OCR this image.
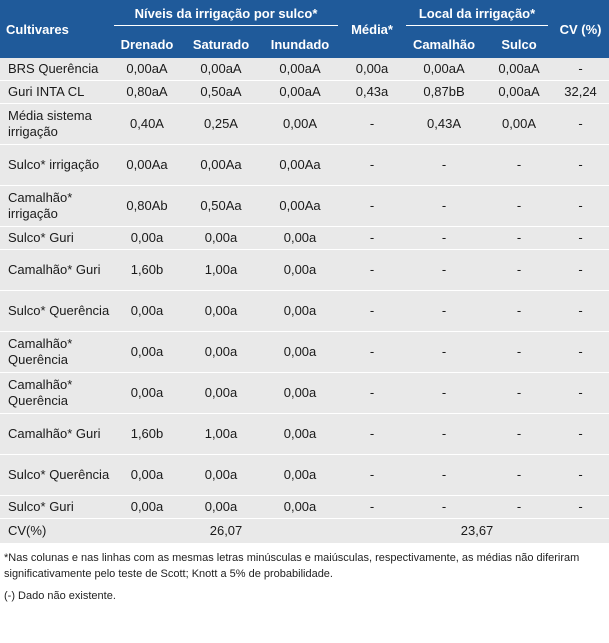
Cultivares	Níveis da irrigação por sulco*			Média*	Local da irrigação*		CV (%)
	Drenado	Saturado	Inundado		Camalhão	Sulco	
BRS Querência	0,00aA	0,00aA	0,00aA	0,00a	0,00aA	0,00aA	-
Guri INTA CL	0,80aA	0,50aA	0,00aA	0,43a	0,87bB	0,00aA	32,24
Média sistema irrigação	0,40A	0,25A	0,00A	-	0,43A	0,00A	-
Sulco* irrigação	0,00Aa	0,00Aa	0,00Aa	-	-	-	-
Camalhão* irrigação	0,80Ab	0,50Aa	0,00Aa	-	-	-	-
Sulco* Guri	0,00a	0,00a	0,00a	-	-	-	-
Camalhão* Guri	1,60b	1,00a	0,00a	-	-	-	-
Sulco* Querência	0,00a	0,00a	0,00a	-	-	-	-
Camalhão* Querência	0,00a	0,00a	0,00a	-	-	-	-
Camalhão* Querência	0,00a	0,00a	0,00a	-	-	-	-
Camalhão* Guri	1,60b	1,00a	0,00a	-	-	-	-
Sulco* Querência	0,00a	0,00a	0,00a	-	-	-	-
Sulco* Guri	0,00a	0,00a	0,00a	-	-	-	-
CV(%)	26,07				23,67		

*Nas colunas e nas linhas com as mesmas letras minúsculas e maiúsculas, respectivamente, as médias não diferiram significativamente pelo teste de Scott; Knott a 5% de probabilidade.

(-) Dado não existente.
